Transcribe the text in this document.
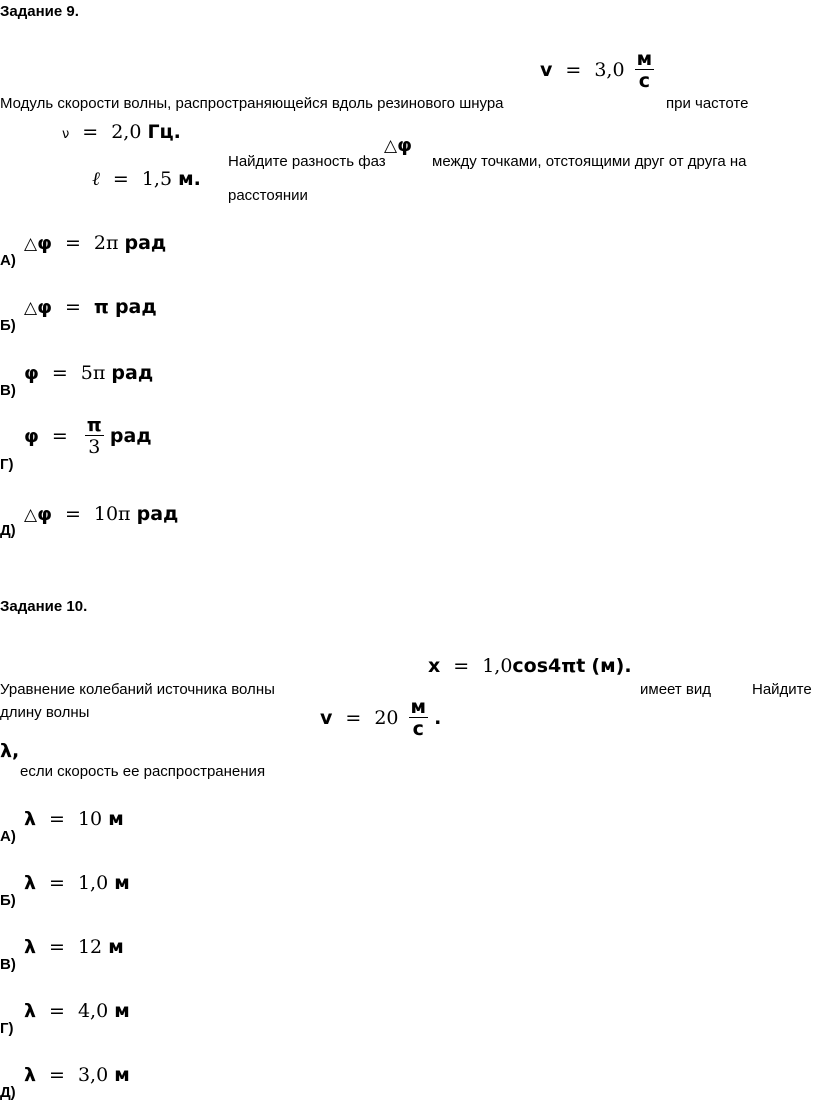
Задание 9.
$v = 3,0 \frac{м}{с}$
Модуль скорости волны, распространяющейся вдоль резинового шнура	при частоте
ν = 2,0 Гц.
△φ
Найдите разность фаз	между точками, отстоящими друг от друга на
ℓ = 1,5 м.
расстоянии
△φ = 2π рад
А)
△φ = π рад
Б)
φ = 5π рад
В)
$\varphi = \frac{\pi}{3}$ рад
Г)
△φ = 10π рад
Д)
Задание 10.
x = 1,0cos4πt (м).
Уравнение колебаний источника волны	имеет вид	Найдите
длину волны	$v = 20 \frac{м}{с}$ .
λ,
если скорость ее распространения
λ = 10 м
А)
λ = 1,0 м
Б)
λ = 12 м
В)
λ = 4,0 м
Г)
λ = 3,0 м
Д)
